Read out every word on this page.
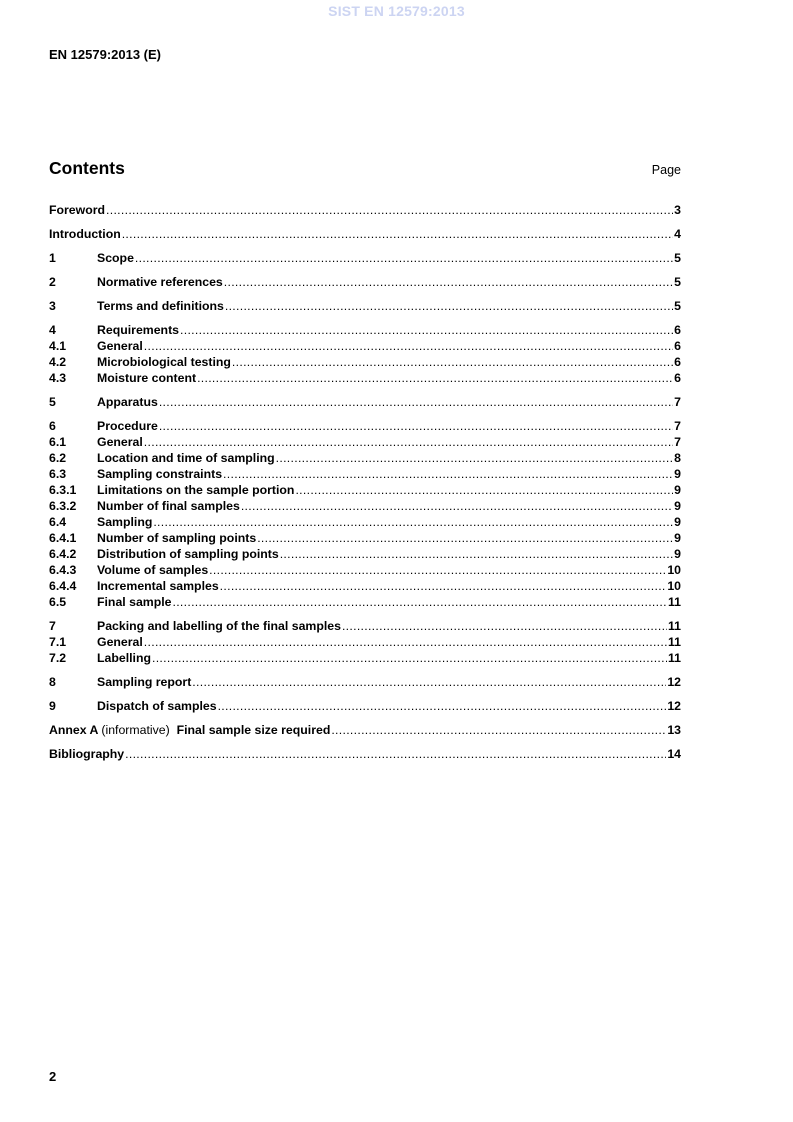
SIST EN 12579:2013
EN 12579:2013 (E)
Contents	Page
Foreword .....	3
Introduction .....	4
1	Scope .....	5
2	Normative references .....	5
3	Terms and definitions .....	5
4	Requirements .....	6
4.1	General .....	6
4.2	Microbiological testing .....	6
4.3	Moisture content .....	6
5	Apparatus .....	7
6	Procedure .....	7
6.1	General .....	7
6.2	Location and time of sampling .....	8
6.3	Sampling constraints .....	9
6.3.1	Limitations on the sample portion .....	9
6.3.2	Number of final samples .....	9
6.4	Sampling .....	9
6.4.1	Number of sampling points .....	9
6.4.2	Distribution of sampling points .....	9
6.4.3	Volume of samples .....	10
6.4.4	Incremental samples .....	10
6.5	Final sample .....	11
7	Packing and labelling of the final samples .....	11
7.1	General .....	11
7.2	Labelling .....	11
8	Sampling report .....	12
9	Dispatch of samples .....	12
Annex A (informative) Final sample size required .....	13
Bibliography .....	14
2
